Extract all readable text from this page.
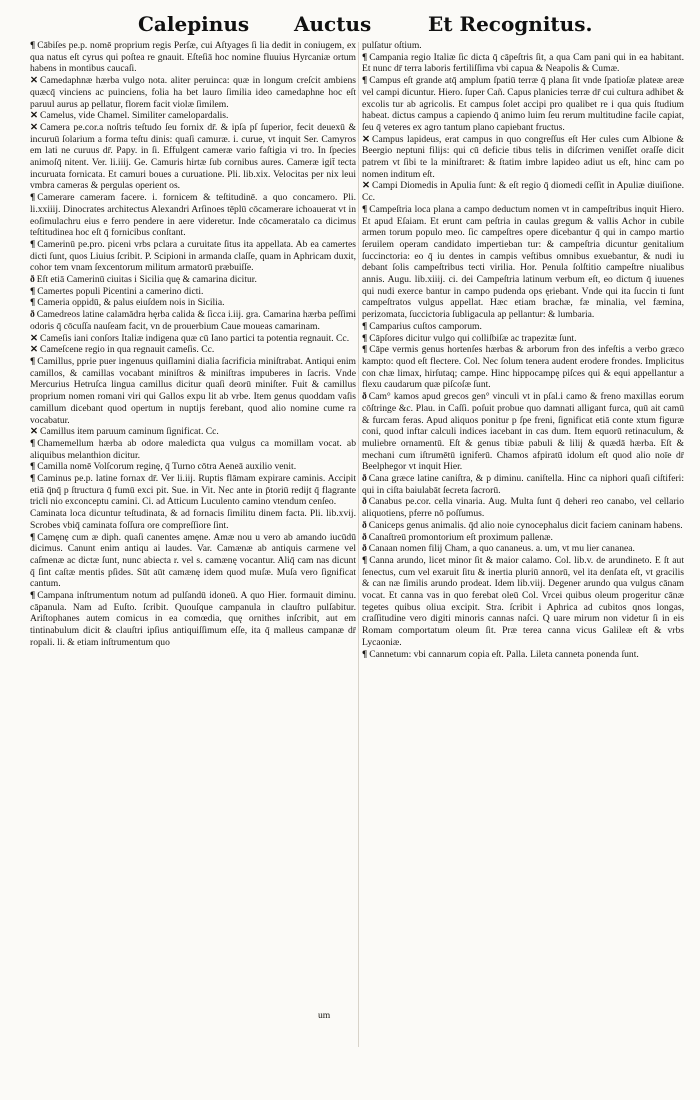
Calepinus Auctus	Et Recognitus.

¶ Cābiſes pe.p. nomē proprium regis Perſæ, cui Aſtyages ſi lia dedit in coniugem, ex qua natus eſt cyrus qui poſtea re gnauit. Eſteſiā hoc nomine fluuius Hyrcaniæ ortum habens in montibus caucaſi.

✕ Camedaphnæ hærba vulgo nota. aliter peruinca: quæ in longum creſcit ambiens quæcq̄ vinciens ac puinciens, folia ha bet lauro ſimilia ideo camedaphne hoc eſt paruul aurus ap pellatur, florem facit violæ ſimilem.

✕ Camelus, vide Chamel. Similiter camelopardalis.

✕ Camera pe.cor.a noſtris teſtudo ſeu fornix dr̄. & ipſa pſ ſuperior, fecit deuexū & incuruū ſolarium a forma teſtu dinis: quaſi camuræ. i. curue, vt inquit Ser. Camyros em lati ne curuus dr̄. Papy. in ſi. Effulgent cameræ vario faſtigia vi tro. In ſpecies animoſq̄ nitent. Ver. li.iiij. Ge. Camuris hirtæ ſub cornibus aures. Cameræ igit̄ tecta incuruata fornicata. Et camuri boues a curuatione. Pli. lib.xix. Velocitas per nix leui vmbra cameras & pergulas operient os.

¶ Camerare cameram facere. i. fornicem & teſtitudinē. a quo concamero. Pli. li.xxiiij. Dinocrates architectus Alexandri Arſinoes tēplū cōcamerare ichoauerat vt in eoſimulachru eius e ferro pendere in aere videretur. Inde cōcameratalo ca dicimus teſtitudinea hoc eſt q̄ fornicibus conſtant.

¶ Camerinū pe.pro. piceni vrbs pclara a curuitate ſitus ita appellata. Ab ea camertes dicti ſunt, quos Liuius ſcribit. P. Scipioni in armanda claſſe, quam in Aphricam duxit, cohor tem vnam ſexcentorum militum armatorū præbuiſſe.

ð Eſt etiā Camerinū ciuitas i Sicilia quę & camarina dicitur.

¶ Camertes populi Picentini a camerino dicti.

¶ Cameria oppidū, & palus eiuſdem nois in Sicilia.

ð Camedreos latine calamādra hęrba calida & ſicca i.iij. gra. Camarina hærba peſſimi odoris q̄ cōcuſſa nauſeam facit, vn de prouerbium Caue moueas camarinam.

✕ Cameſis iani conſors Italiæ indigena quæ cū Iano partici ta potentia regnauit. Cc.

✕ Cameſcene regio in qua regnauit cameſis. Cc.

¶ Camillus, pprie puer ingenuus quiſlamini dialia ſacrificia miniſtrabat. Antiqui enim camillos, & camillas vocabant miniſtros & miniſtras impuberes in ſacris. Vnde Mercurius Hetruſca lingua camillus dicitur quaſi deorū miniſter. Fuit & camillus proprium nomen romani viri qui Gallos expu lit ab vrbe. Item genus quoddam vaſis camillum dicebant quod opertum in nuptijs ferebant, quod alio nomine cume ra vocabatur.

✕ Camillus item paruum caminum ſignificat. Cc.

¶ Chamemellum hærba ab odore maledicta qua vulgus ca momillam vocat. ab aliquibus melanthion dicitur.

¶ Camilla nomē Volſcorum reginę, q̄ Turno cōtra Aeneā auxilio venit.

¶ Caminus pe.p. latine fornax dr̄. Ver li.iij. Ruptis flāmam expirare caminis. Accipit etiā q̄nq̄ p ſtructura q̄ fumū exci pit. Sue. in Vit. Nec ante in p̄toriū redijt q̄ flagrante tricli nio exconceptu camini. Ci. ad Atticum Luculento camino vtendum cenſeo.

Caminata loca dicuntur teſtudinata, & ad fornacis ſimilitu dinem facta. Pli. lib.xvij. Scrobes vbiq̄ caminata foſſura ore compreſſiore ſint.

¶ Camęnę cum æ diph. quaſi canentes amęne. Amæ nou u vero ab amando iucūdū dicimus. Canunt enim antiqu ai laudes. Var. Camænæ ab antiquis carmene vel caſmenæ ac dictæ ſunt, nunc abiecta r. vel s. camænę vocantur. Aliq̄ cam nas dicunt q̄ ſint caſtæ mentis pſides. Sūt aūt camænę idem quod muſæ. Muſa vero ſignificat cantum.

¶ Campana inſtrumentum notum ad pulſandū idoneū. A quo Hier. formauit diminu. cāpanula. Nam ad Euſto. ſcribit. Quouſque campanula in clauſtro pulſabitur. Ariſtophanes autem comicus in ea comœdia, quę ornithes inſcribit, aut em tintinabulum dicit & clauſtri ipſius antiquiſſimum eſſe, ita q̄ malleus campanæ dr̄ ropali. li. & etiam inſtrumentum quo

pulſatur oſtium.

¶ Campania regio Italiæ ſic dicta q̄ cāpeſtris ſit, a qua Cam pani qui in ea habitant. Et nunc dr̄ terra laboris fertiliſſima vbi capua & Neapolis & Cumæ.

¶ Campus eſt grande atq̄ amplum ſpatiū terræ q̄ plana ſit vnde ſpatioſæ plateæ areæ vel campi dicuntur. Hiero. ſuper Cañ. Capus planicies terræ dr̄ cui cultura adhibet & excolis tur ab agricolis. Et campus ſolet accipi pro qualibet re i qua quis ſtudium habeat. dictus campus a capiendo q̄ animo luim ſeu rerum multitudine facile capiat, ſeu q̄ veteres ex agro tantum plano capiebant fructus.

✕ Campus lapideus, erat campus in quo congreſſus eſt Her cules cum Albione & Beergio neptuni filijs: qui cū deficie tibus telis in diſcrimen veniſſet oraſſe dicit patrem vt ſibi te la miniſtraret: & ſtatim imbre lapideo adiut us eſt, hinc cam po nomen inditum eſt.

✕ Campi Diomedis in Apulia ſunt: & eſt regio q̄ diomedi ceſſit in Apuliæ diuiſione. Cc.

¶ Campeſtria loca plana a campo deductum nomen vt in campeſtribus inquit Hiero. Et apud Eſaiam. Et erunt cam peſtria in caulas gregum & vallis Achor in cubile armen torum populo meo. ſic campeſtres opere dicebantur q̄ qui in campo martio ſeruilem operam candidato impertieban tur: & campeſtria dicuntur genitalium ſuccinctoria: eo q̄ iu dentes in campis veſtibus omnibus exuebantur, & nudi iu debant ſolis campeſtribus tecti virilia. Hor. Penula ſolſtitio campeſtre niualibus annis. Augu. lib.xiiij. ci. dei Campeſtria latinum verbum eſt, eo dictum q̄ iuuenes qui nudi exerce bantur in campo pudenda ops ęriebant. Vnde qui ita ſuccin ti ſunt campeſtratos vulgus appellat. Hæc etiam brachæ, fæ minalia, vel fæmina, perizomata, ſuccictoria ſubligacula ap pellantur: & lumbaria.

¶ Camparius cuſtos camporum.

¶ Cāpſores dicitur vulgo qui colliſbiſæ ac trapezitæ ſunt.

¶ Cāpe vermis genus hortenſes hærbas & arborum fron des infeſtis a verbo græco kampto: quod eſt flectere. Col. Nec ſolum tenera audent erodere frondes. Implicitus con chæ limax, hirſutaq; campe. Hinc hippocampę piſces qui & equi appellantur a flexu caudarum quæ piſcoſæ ſunt.

ð Cam° kamos apud grecos gen° vinculi vt in pſal.i camo & freno maxillas eorum cōſtringe &c. Plau. in Caſſi. poſuit probue quo damnati alligant furca, quū ait camū & furcam feras. Apud aliquos ponitur p ſpe freni, ſignificat etiā conte xtum figuræ coni, quod inftar calculi indices iacebant in cas dum. Item equorū retinaculum, & muliebre ornamentū. Eſt & genus tibiæ pabuli & lilij & quædā hærba. Eſt & mechani cum iſtrumētū igniferū. Chamos afpiratū idolum eſt quod alio noīe dr̄ Beelphegor vt inquit Hier.

ð Cana græce latine caniſtra, & p diminu. caniſtella. Hinc ca niphori quaſi ciſtiferi: qui in ciſta baiulabāt ſecreta ſacrorū.

ð Canabus pe.cor. cella vinaria. Aug. Multa ſunt q̄ deheri reo canabo, vel cellario aliquotiens, pferre nō poſſumus.

ð Caniceps genus animalis. q̄d alio noie cynocephalus dicit faciem caninam habens.

ð Canaſtreū promontorium eſt proximum pallenæ.

ð Canaan nomen filij Cham, a quo cananeus. a. um, vt mu lier cananea.

¶ Canna arundo, licet minor ſit & maior calamo. Col. lib.v. de arundinetο. E ſt aut ſenectus, cum vel exaruit ſitu & inertia pluriū annorū, vel ita denſata eſt, vt gracilis & can næ ſimilis arundo prodeat. Idem lib.viij. Degener arundo qua vulgus cānam vocat. Et canna vas in quo ferebat oleū Col. Vrcei quibus oleum progeritur cānæ tegetes quibus oliua excipit. Stra. ſcribit i Aphrica ad cubitos qnos longas, craſſitudine vero digiti minoris cannas naſci. Q uare mirum non videtur ſi in eis Romam comportatum oleum ſit. Præ terea canna vicus Galileæ eſt & vrbs Lycaoniæ.

¶ Cannetum: vbi cannarum copia eſt. Palla. Lileta canneta ponenda ſunt.

um
